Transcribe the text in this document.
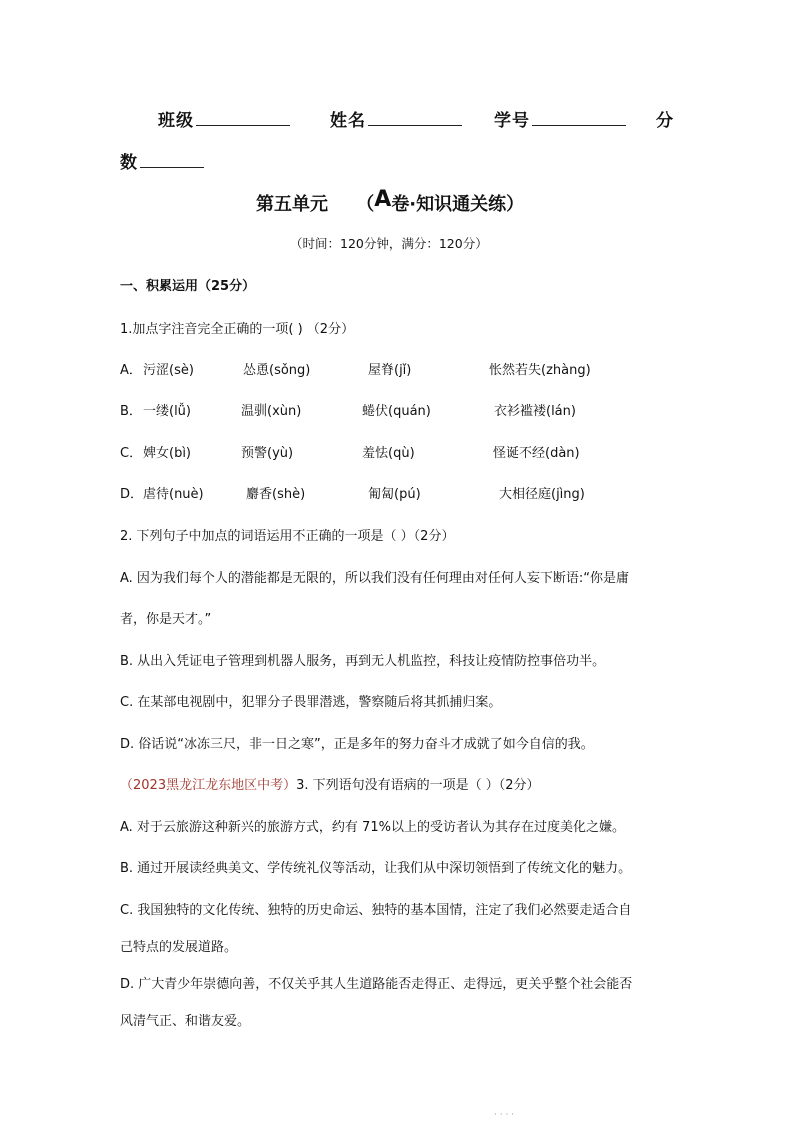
班级	姓名	学号	分
数
第五单元 （A卷·知识通关练）
（时间：120分钟，满分：120分）
一、积累运用（25分）
1.加点字注音完全正确的一项( ) （2分）
A． 污涩(sè)	怂恿(sǒng)	屋脊(jǐ)	怅然若失(zhàng)
B． 一缕(lǚ)	温驯(xùn)	蜷伏(quán)	衣衫褴褛(lán)
C． 婢女(bì)	预警(yù)	羞怯(qù)	怪诞不经(dàn)
D． 虐待(nuè)	麝香(shè)	匍匐(pú)	大相径庭(jìng)
2. 下列句子中加点的词语运用不正确的一项是（ ）（2分）
A. 因为我们每个人的潜能都是无限的，所以我们没有任何理由对任何人妄下断语:“你是庸
者，你是天才。”
B. 从出入凭证电子管理到机器人服务，再到无人机监控，科技让疫情防控事倍功半。
C. 在某部电视剧中，犯罪分子畏罪潜逃，警察随后将其抓捕归案。
D. 俗话说“冰冻三尺，非一日之寒”，正是多年的努力奋斗才成就了如今自信的我。
（2023黑龙江龙东地区中考）3. 下列语句没有语病的一项是（ ）（2分）
A. 对于云旅游这种新兴的旅游方式，约有 71%以上的受访者认为其存在过度美化之嫌。
B. 通过开展读经典美文、学传统礼仪等活动，让我们从中深切领悟到了传统文化的魅力。
C. 我国独特的文化传统、独特的历史命运、独特的基本国情，注定了我们必然要走适合自
己特点的发展道路。
D. 广大青少年崇德向善，不仅关乎其人生道路能否走得正、走得远，更关乎整个社会能否
风清气正、和谐友爱。
· · · ·
